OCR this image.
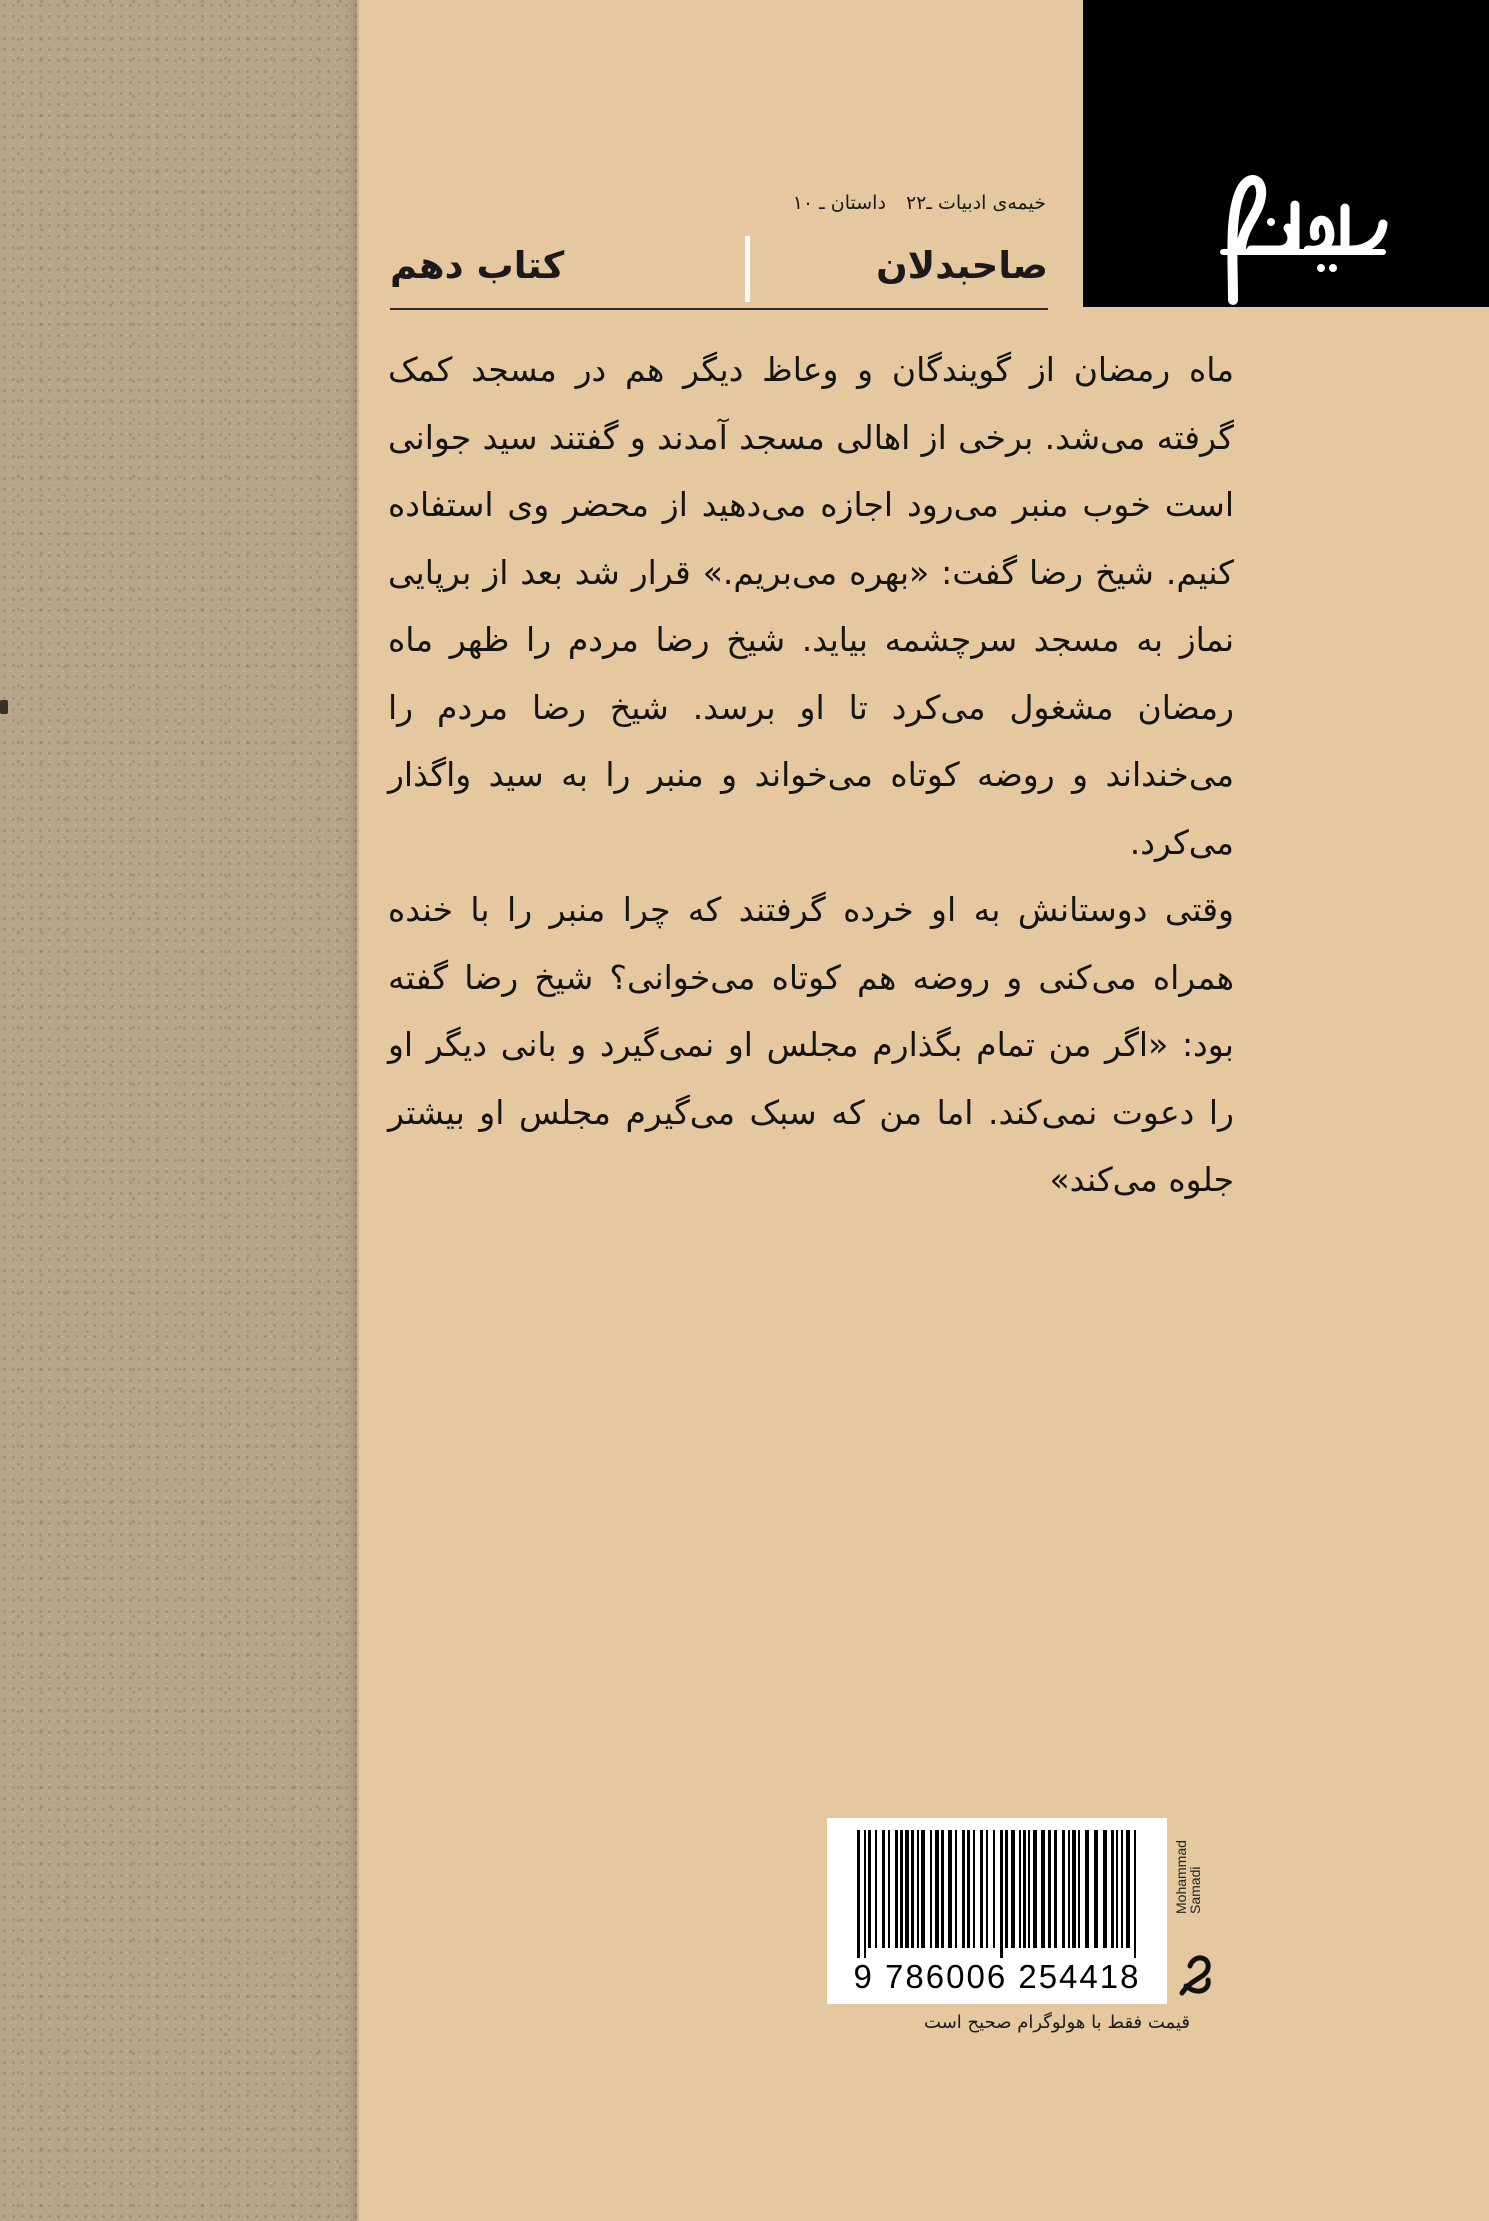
خیمه‌ی ادبیات ـ۲۲ داستان ـ ۱۰
صاحبدلان
کتاب دهم

ماه رمضان از گویندگان و وعاظ دیگر هم در مسجد کمک گرفته می‌شد. برخی از اهالی مسجد آمدند و گفتند سید جوانی است خوب منبر می‌رود اجازه می‌دهید از محضر وی استفاده کنیم. شیخ رضا گفت: «بهره می‌بریم.» قرار شد بعد از برپایی نماز به مسجد سرچشمه بیاید. شیخ رضا مردم را ظهر ماه رمضان مشغول می‌کرد تا او برسد. شیخ رضا مردم را می‌خنداند و روضه کوتاه می‌خواند و منبر را به سید واگذار می‌کرد.

وقتی دوستانش به او خرده گرفتند که چرا منبر را با خنده همراه می‌کنی و روضه هم کوتاه می‌خوانی؟ شیخ رضا گفته بود: «اگر من تمام بگذارم مجلس او نمی‌گیرد و بانی دیگر او را دعوت نمی‌کند. اما من که سبک می‌گیرم مجلس او بیشتر جلوه می‌کند»

9 786006 254418
Mohammad
Samadi
قیمت فقط با هولوگرام صحیح است
